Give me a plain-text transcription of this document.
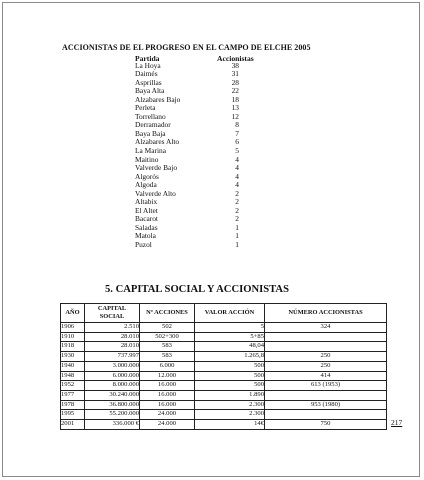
ACCIONISTAS DE EL PROGRESO EN EL CAMPO DE ELCHE 2005
Partida	Accionistas
La Hoya	38
Daimés	31
Asprillas	28
Baya Alta	22
Alzabares Bajo	18
Perleta	13
Torrellano	12
Derramador	8
Baya Baja	7
Alzabares Alto	6
La Marina	5
Maitino	4
Valverde Bajo	4
Algorós	4
Algoda	4
Valverde Alto	2
Altabix	2
El Altet	2
Bacarot	2
Saladas	1
Matola	1
Puzol	1
5. CAPITAL SOCIAL Y ACCIONISTAS
AÑO	CAPITAL SOCIAL	Nº ACCIONES	VALOR ACCIÓN	NÚMERO ACCIONISTAS
1906	2.510	502	5	324
1910	28.010	502+300	5+85	
1918	28.010	583	48,04	
1930	737.997	583	1.265,8	250
1940	3.000.000	6.000	500	250
1948	6.000.000	12.000	500	414
1952	8.000.000	16.000	500	613 (1953)
1977	30.240.000	16.000	1.890	
1978	36.800.000	16.000	2.300	953 (1980)
1995	55.200.000	24.000	2.300	
2001	336.000 €	24.000	14€	750	217
